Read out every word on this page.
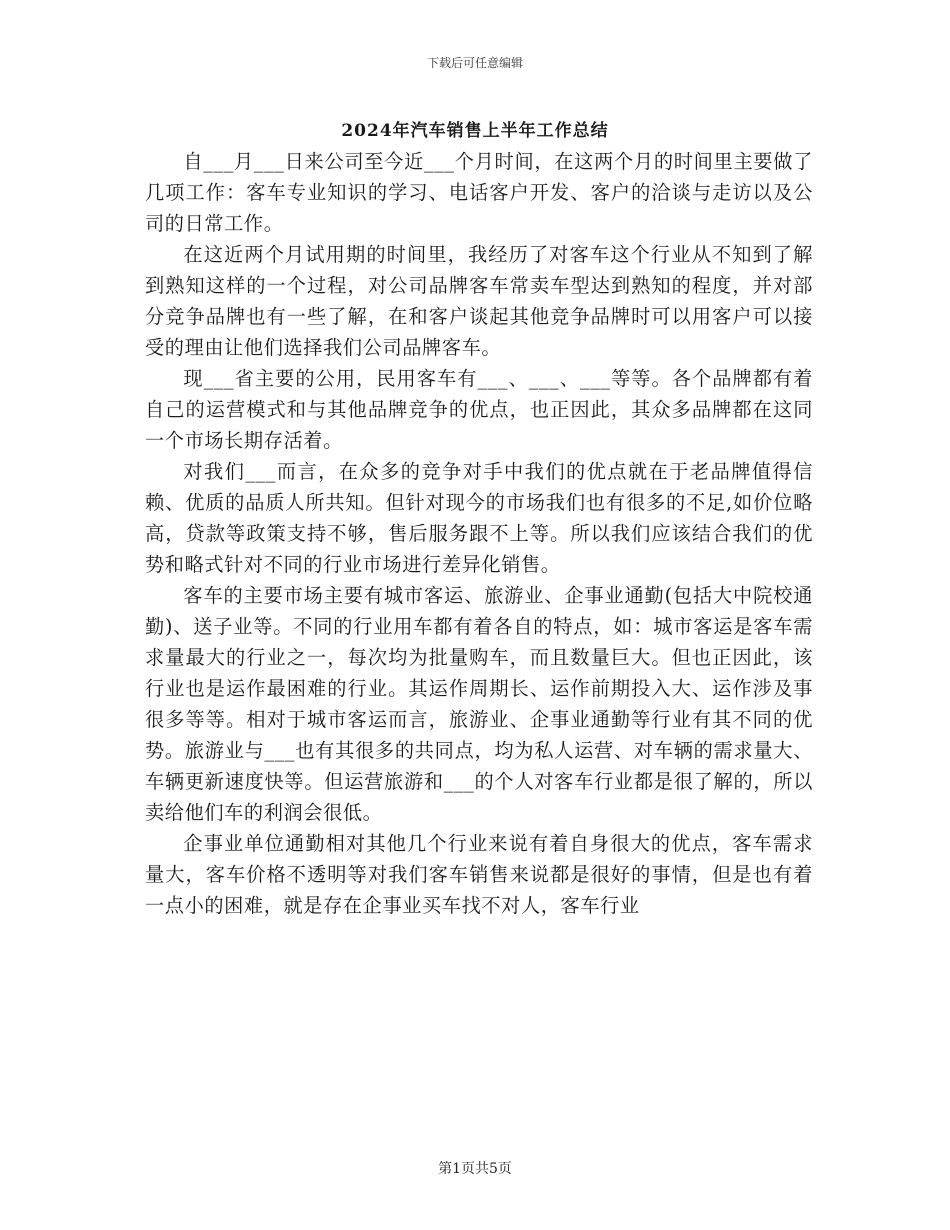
下载后可任意编辑
2024年汽车销售上半年工作总结

自___月___日来公司至今近___个月时间，在这两个月的时间里主要做了几项工作：客车专业知识的学习、电话客户开发、客户的洽谈与走访以及公司的日常工作。

在这近两个月试用期的时间里，我经历了对客车这个行业从不知到了解到熟知这样的一个过程，对公司品牌客车常卖车型达到熟知的程度，并对部分竞争品牌也有一些了解，在和客户谈起其他竞争品牌时可以用客户可以接受的理由让他们选择我们公司品牌客车。

现___省主要的公用，民用客车有___、___、___等等。各个品牌都有着自己的运营模式和与其他品牌竞争的优点，也正因此，其众多品牌都在这同一个市场长期存活着。

对我们___而言，在众多的竞争对手中我们的优点就在于老品牌值得信赖、优质的品质人所共知。但针对现今的市场我们也有很多的不足,如价位略高，贷款等政策支持不够，售后服务跟不上等。所以我们应该结合我们的优势和略式针对不同的行业市场进行差异化销售。

客车的主要市场主要有城市客运、旅游业、企事业通勤(包括大中院校通勤)、送子业等。不同的行业用车都有着各自的特点，如：城市客运是客车需求量最大的行业之一，每次均为批量购车，而且数量巨大。但也正因此，该行业也是运作最困难的行业。其运作周期长、运作前期投入大、运作涉及事很多等等。相对于城市客运而言，旅游业、企事业通勤等行业有其不同的优势。旅游业与___也有其很多的共同点，均为私人运营、对车辆的需求量大、车辆更新速度快等。但运营旅游和___的个人对客车行业都是很了解的，所以卖给他们车的利润会很低。

企事业单位通勤相对其他几个行业来说有着自身很大的优点，客车需求量大，客车价格不透明等对我们客车销售来说都是很好的事情，但是也有着一点小的困难，就是存在企事业买车找不对人，客车行业

第1页共5页
